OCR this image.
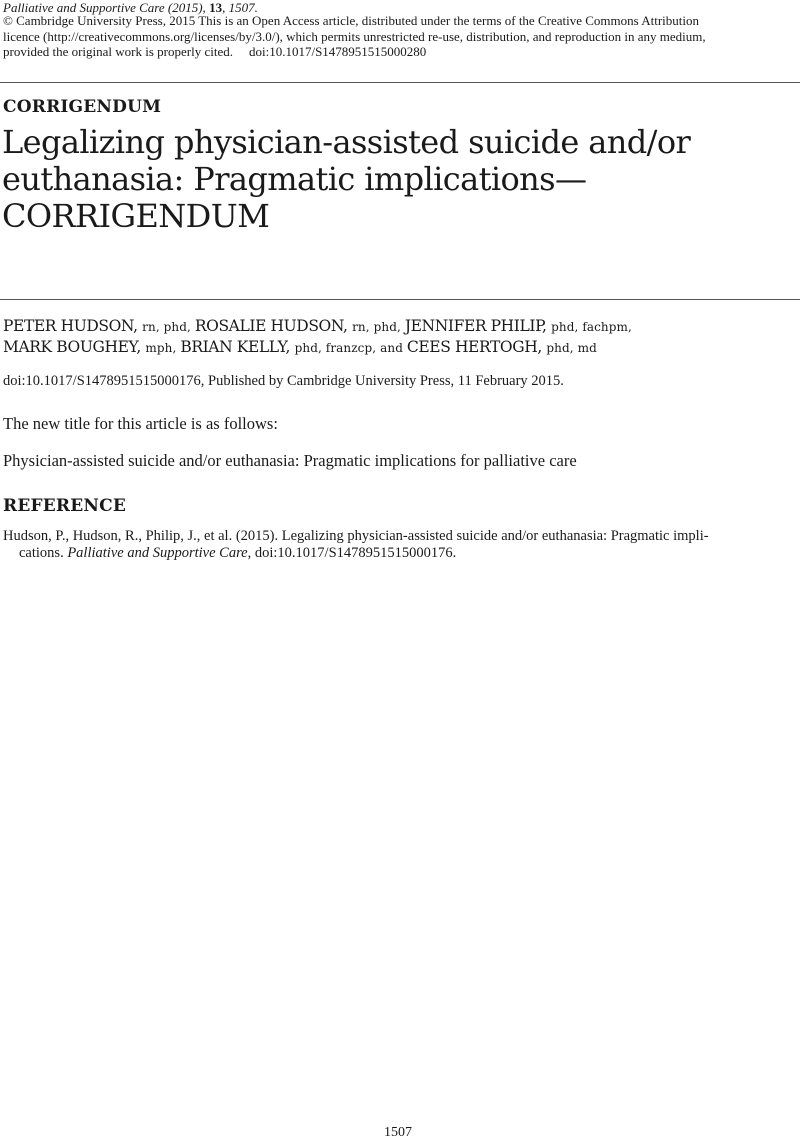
Palliative and Supportive Care (2015), 13, 1507.
© Cambridge University Press, 2015 This is an Open Access article, distributed under the terms of the Creative Commons Attribution
licence (http://creativecommons.org/licenses/by/3.0/), which permits unrestricted re-use, distribution, and reproduction in any medium,
provided the original work is properly cited. doi:10.1017/S1478951515000280
CORRIGENDUM
Legalizing physician-assisted suicide and/or
euthanasia: Pragmatic implications—
CORRIGENDUM
PETER HUDSON, rn, phd, ROSALIE HUDSON, rn, phd, JENNIFER PHILIP, phd, fachpm,
MARK BOUGHEY, mph, BRIAN KELLY, phd, franzcp, and CEES HERTOGH, phd, md
doi:10.1017/S1478951515000176, Published by Cambridge University Press, 11 February 2015.
The new title for this article is as follows:
Physician-assisted suicide and/or euthanasia: Pragmatic implications for palliative care
REFERENCE
Hudson, P., Hudson, R., Philip, J., et al. (2015). Legalizing physician-assisted suicide and/or euthanasia: Pragmatic impli-
cations. Palliative and Supportive Care, doi:10.1017/S1478951515000176.
1507
